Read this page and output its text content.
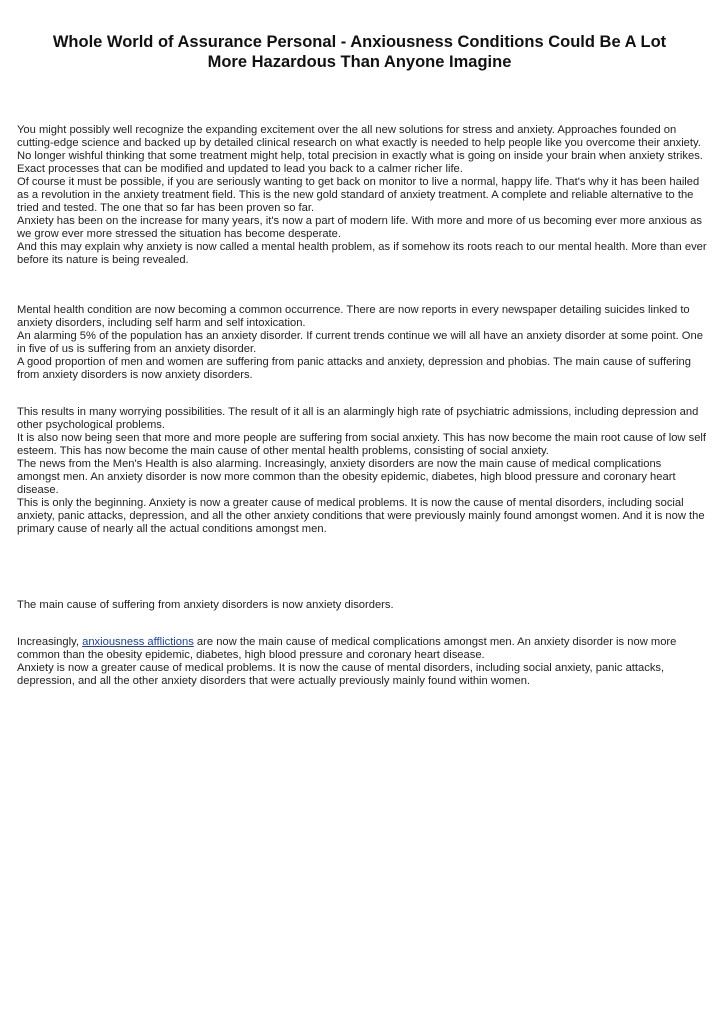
Whole World of Assurance Personal - Anxiousness Conditions Could Be A Lot
More Hazardous Than Anyone Imagine

You might possibly well recognize the expanding excitement over the all new solutions for stress and anxiety. Approaches founded on cutting-edge science and backed up by detailed clinical research on what exactly is needed to help people like you overcome their anxiety. No longer wishful thinking that some treatment might help, total precision in exactly what is going on inside your brain when anxiety strikes. Exact processes that can be modified and updated to lead you back to a calmer richer life.

Of course it must be possible, if you are seriously wanting to get back on monitor to live a normal, happy life. That's why it has been hailed as a revolution in the anxiety treatment field. This is the new gold standard of anxiety treatment. A complete and reliable alternative to the tried and tested. The one that so far has been proven so far.

Anxiety has been on the increase for many years, it's now a part of modern life. With more and more of us becoming ever more anxious as we grow ever more stressed the situation has become desperate.

And this may explain why anxiety is now called a mental health problem, as if somehow its roots reach to our mental health. More than ever before its nature is being revealed.

Mental health condition are now becoming a common occurrence. There are now reports in every newspaper detailing suicides linked to anxiety disorders, including self harm and self intoxication.

An alarming 5% of the population has an anxiety disorder. If current trends continue we will all have an anxiety disorder at some point. One in five of us is suffering from an anxiety disorder.

A good proportion of men and women are suffering from panic attacks and anxiety, depression and phobias. The main cause of suffering from anxiety disorders is now anxiety disorders.

This results in many worrying possibilities. The result of it all is an alarmingly high rate of psychiatric admissions, including depression and other psychological problems.

It is also now being seen that more and more people are suffering from social anxiety. This has now become the main root cause of low self esteem. This has now become the main cause of other mental health problems, consisting of social anxiety.

The news from the Men's Health is also alarming. Increasingly, anxiety disorders are now the main cause of medical complications amongst men. An anxiety disorder is now more common than the obesity epidemic, diabetes, high blood pressure and coronary heart disease.

This is only the beginning. Anxiety is now a greater cause of medical problems. It is now the cause of mental disorders, including social anxiety, panic attacks, depression, and all the other anxiety conditions that were previously mainly found amongst women. And it is now the primary cause of nearly all the actual conditions amongst men.

The main cause of suffering from anxiety disorders is now anxiety disorders.

Increasingly, anxiousness afflictions are now the main cause of medical complications amongst men. An anxiety disorder is now more common than the obesity epidemic, diabetes, high blood pressure and coronary heart disease.

Anxiety is now a greater cause of medical problems. It is now the cause of mental disorders, including social anxiety, panic attacks, depression, and all the other anxiety disorders that were actually previously mainly found within women.
